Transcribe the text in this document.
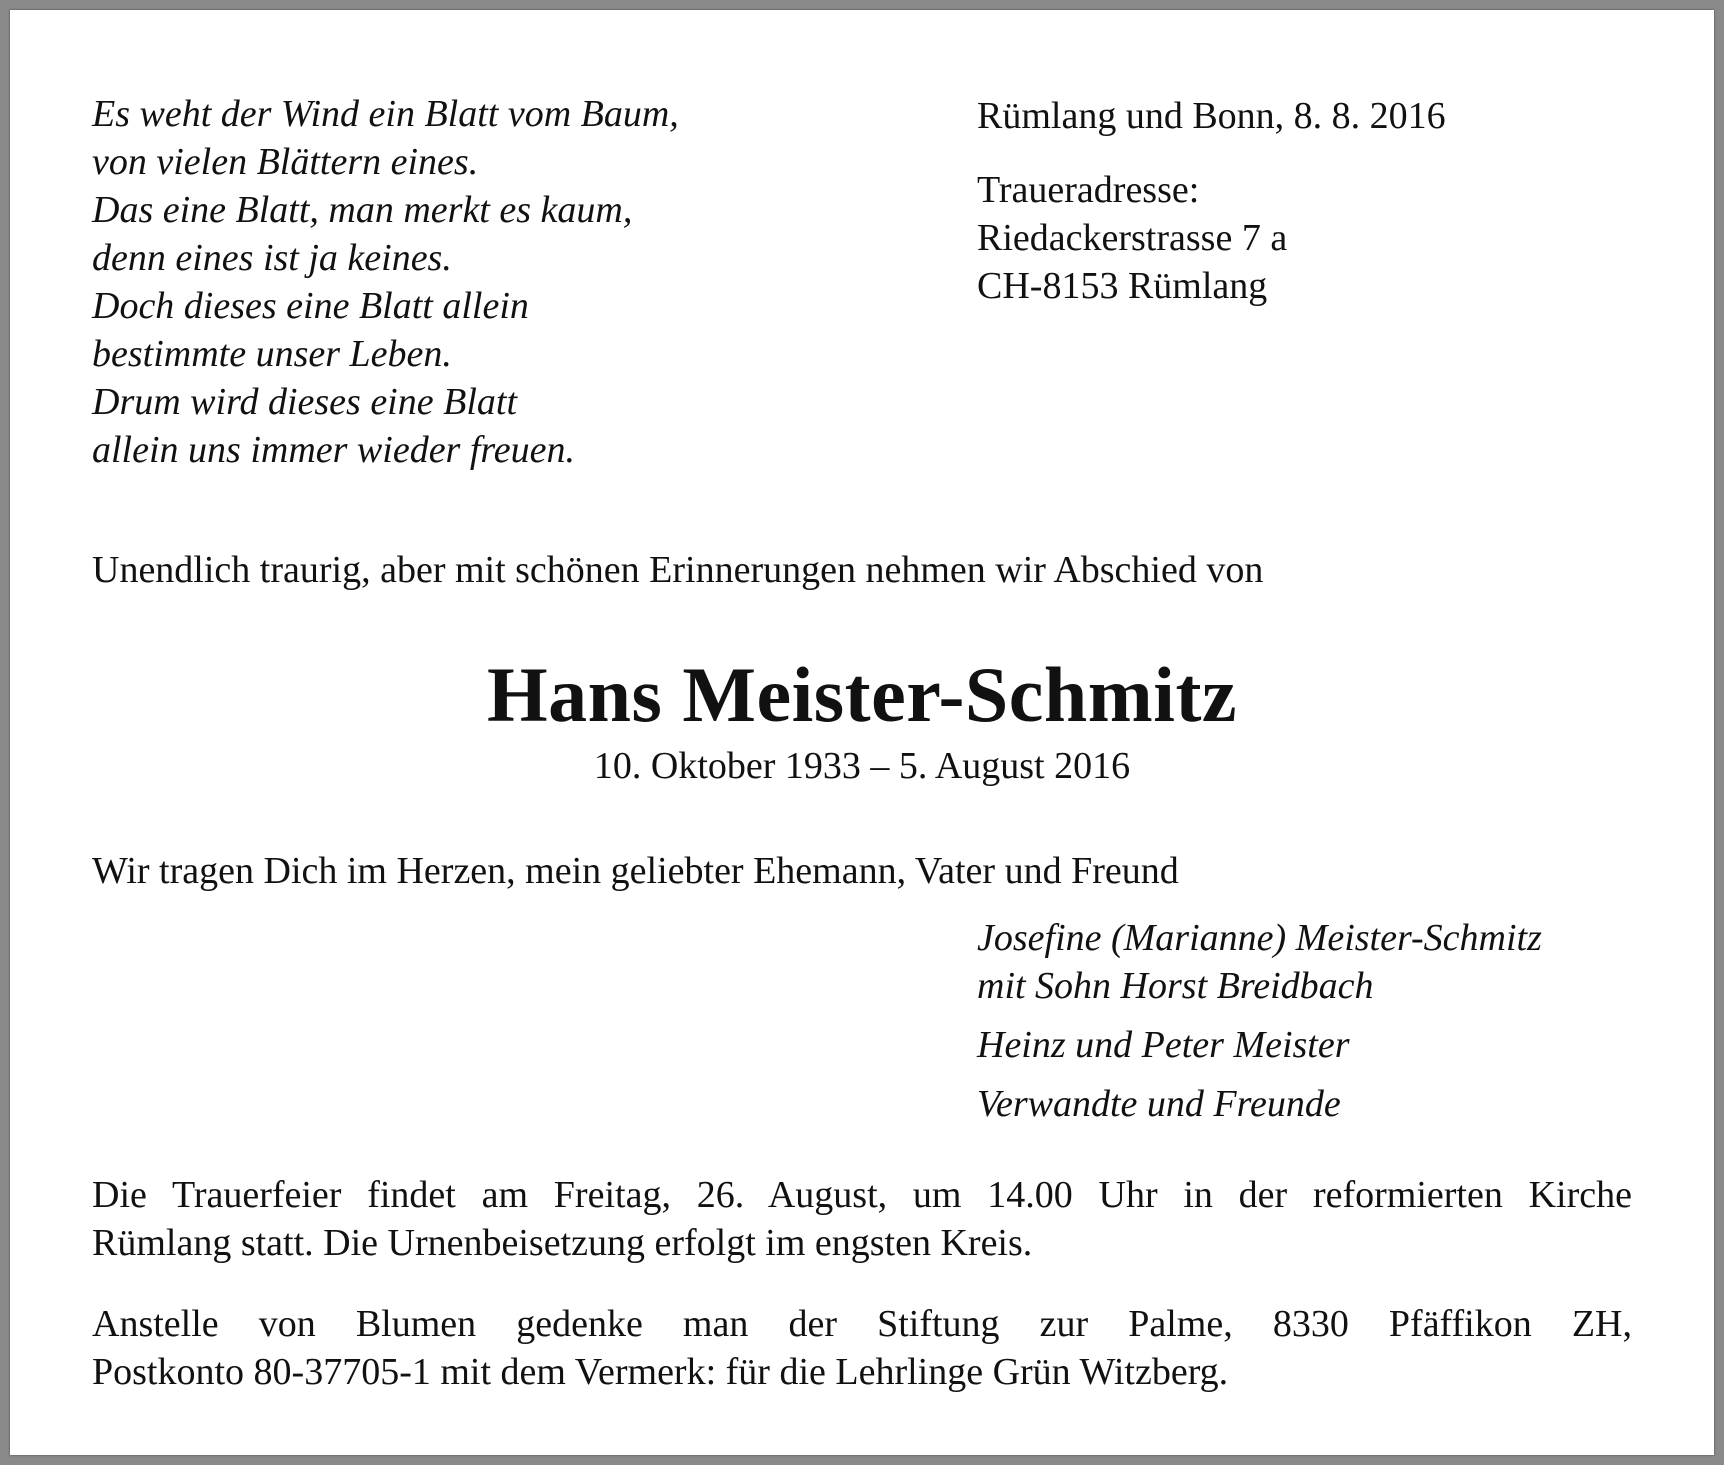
Es weht der Wind ein Blatt vom Baum,
von vielen Blättern eines.
Das eine Blatt, man merkt es kaum,
denn eines ist ja keines.
Doch dieses eine Blatt allein
bestimmte unser Leben.
Drum wird dieses eine Blatt
allein uns immer wieder freuen.
Rümlang und Bonn, 8. 8. 2016
Traueradresse:
Riedackerstrasse 7 a
CH-8153 Rümlang
Unendlich traurig, aber mit schönen Erinnerungen nehmen wir Abschied von
Hans Meister-Schmitz
10. Oktober 1933 – 5. August 2016
Wir tragen Dich im Herzen, mein geliebter Ehemann, Vater und Freund
Josefine (Marianne) Meister-Schmitz
mit Sohn Horst Breidbach
Heinz und Peter Meister
Verwandte und Freunde
Die Trauerfeier findet am Freitag, 26. August, um 14.00 Uhr in der reformierten Kirche
Rümlang statt. Die Urnenbeisetzung erfolgt im engsten Kreis.
Anstelle von Blumen gedenke man der Stiftung zur Palme, 8330 Pfäffikon ZH,
Postkonto 80-37705-1 mit dem Vermerk: für die Lehrlinge Grün Witzberg.
